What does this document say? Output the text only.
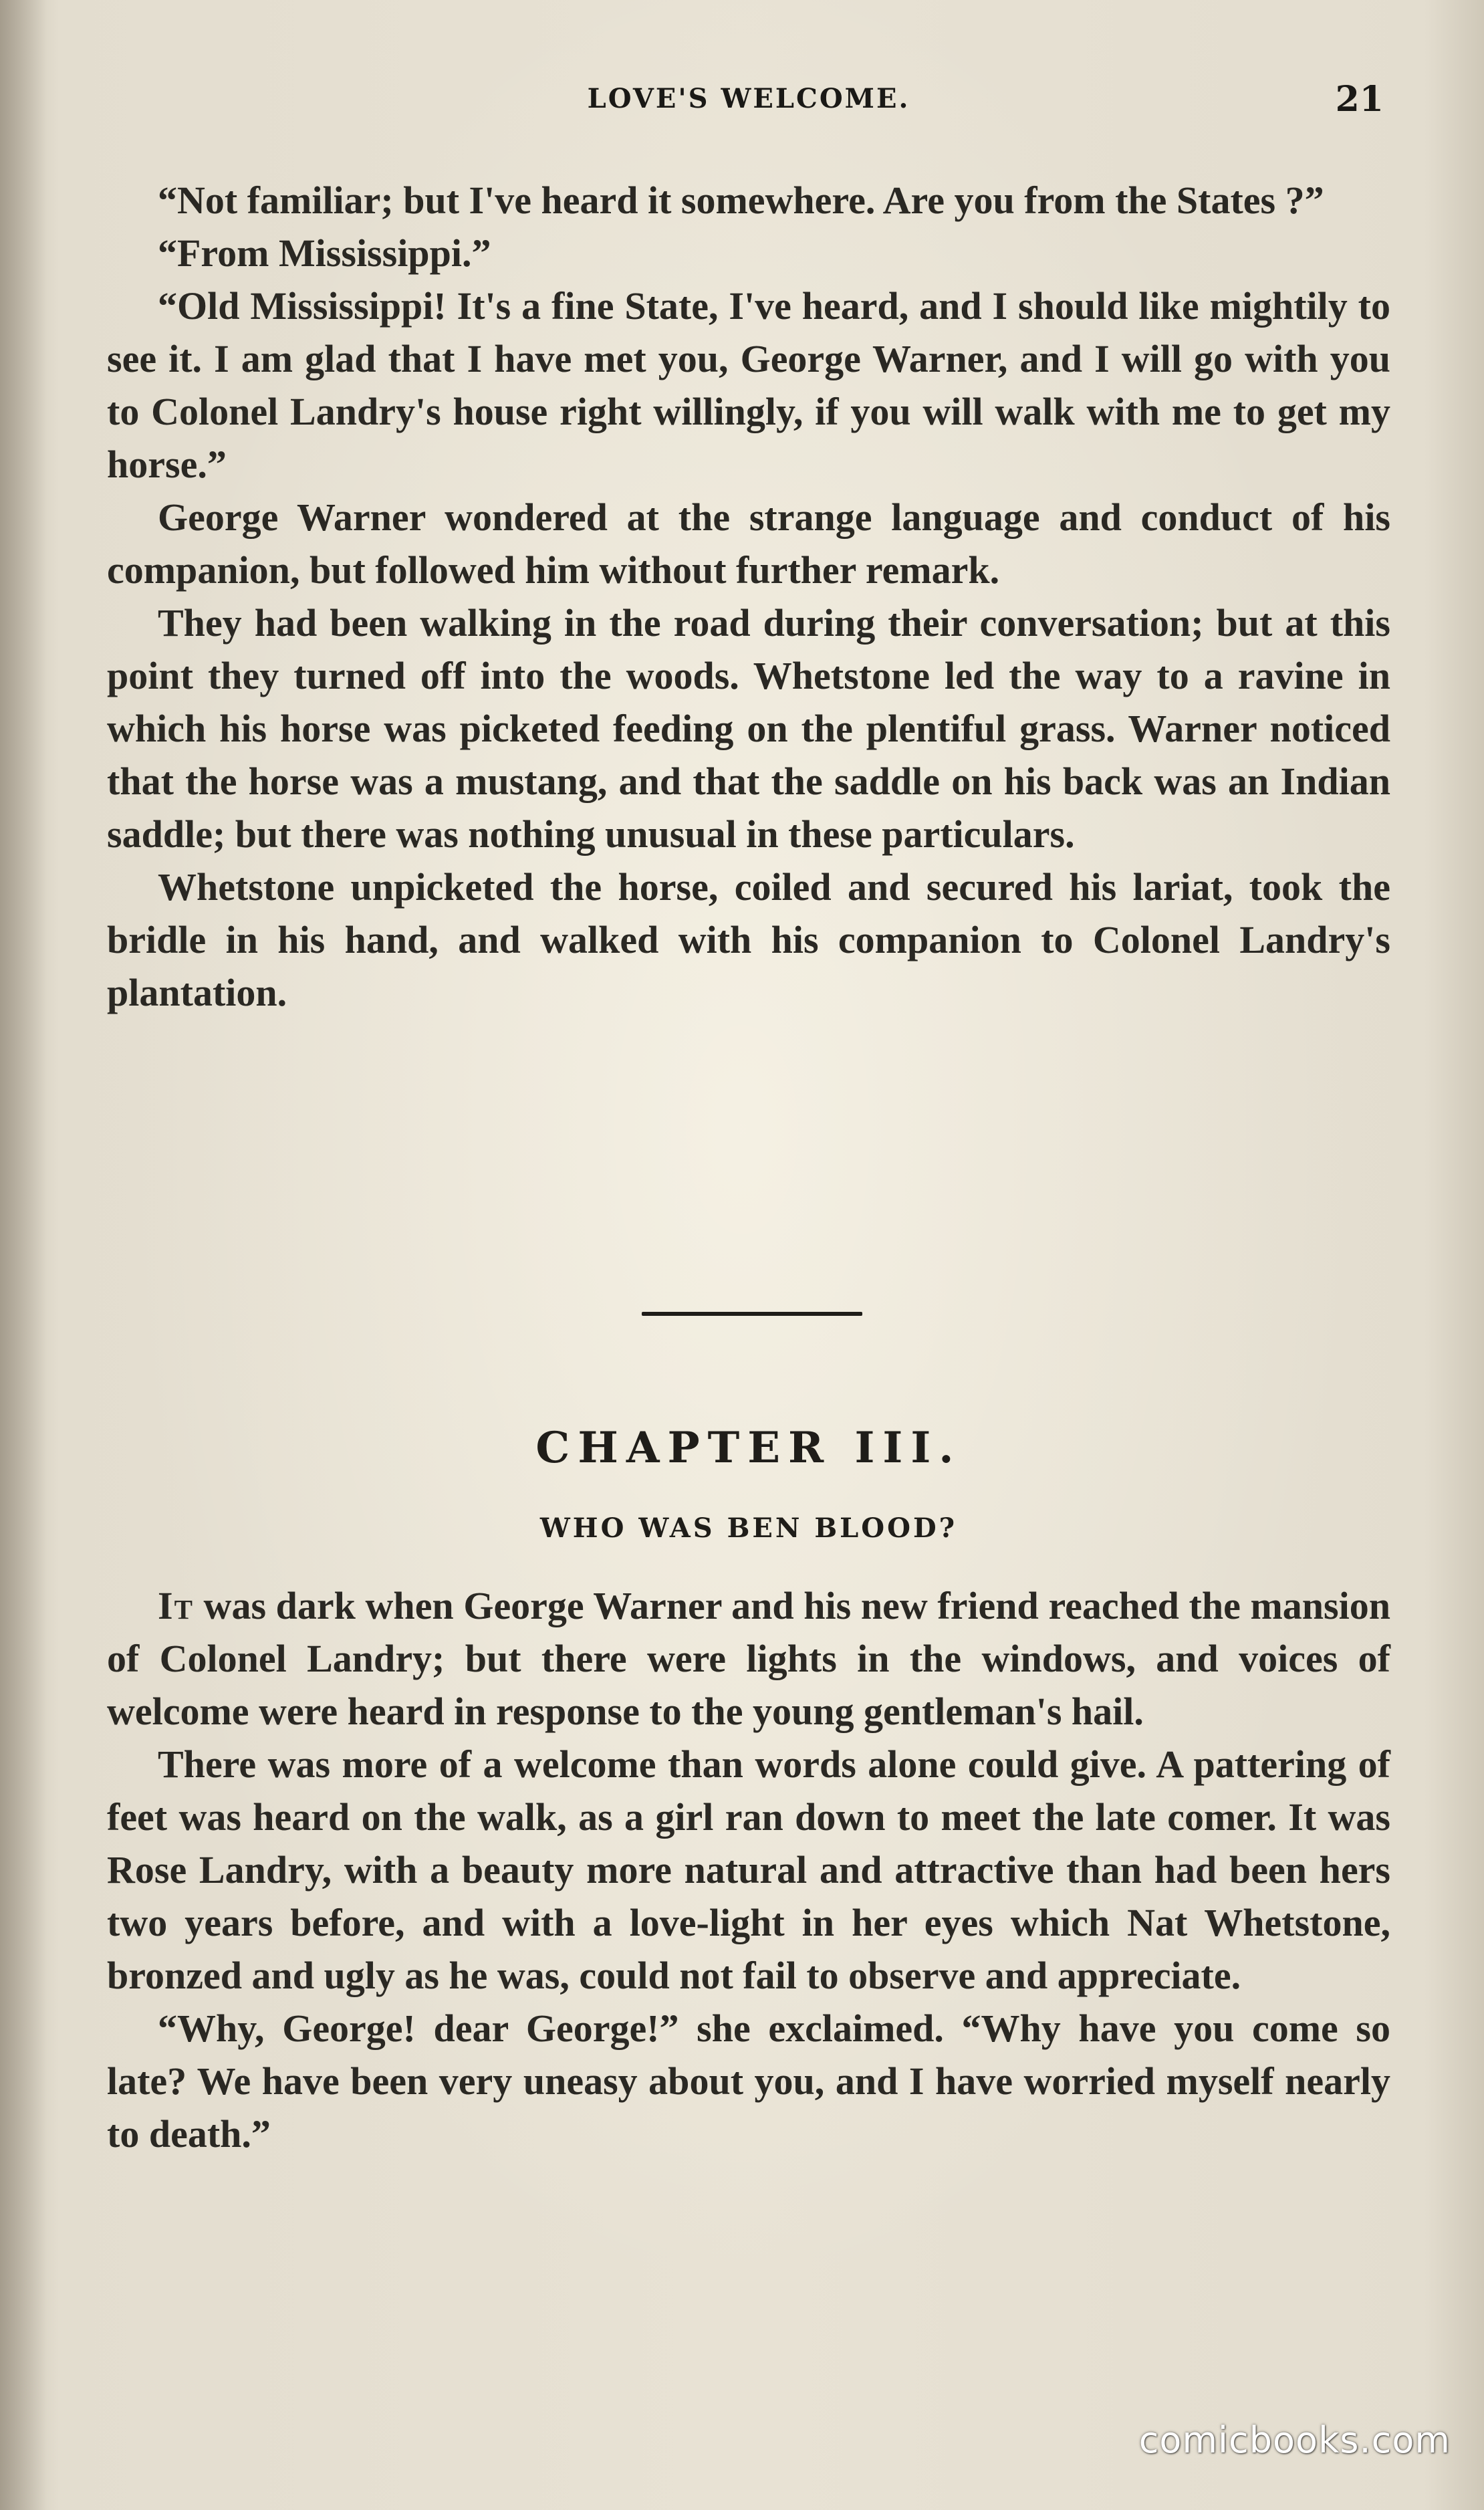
LOVE'S WELCOME.	21

“Not familiar; but I've heard it somewhere. Are you from the States ?”

“From Mississippi.”

“Old Mississippi! It's a fine State, I've heard, and I should like mightily to see it. I am glad that I have met you, George Warner, and I will go with you to Colonel Landry's house right willingly, if you will walk with me to get my horse.”

George Warner wondered at the strange language and conduct of his companion, but followed him without further remark.

They had been walking in the road during their conversation; but at this point they turned off into the woods. Whetstone led the way to a ravine in which his horse was picketed feeding on the plentiful grass. Warner noticed that the horse was a mustang, and that the saddle on his back was an Indian saddle; but there was nothing unusual in these particulars.

Whetstone unpicketed the horse, coiled and secured his lariat, took the bridle in his hand, and walked with his companion to Colonel Landry's plantation.

CHAPTER III.
WHO WAS BEN BLOOD?

It was dark when George Warner and his new friend reached the mansion of Colonel Landry; but there were lights in the windows, and voices of welcome were heard in response to the young gentleman's hail.

There was more of a welcome than words alone could give. A pattering of feet was heard on the walk, as a girl ran down to meet the late comer. It was Rose Landry, with a beauty more natural and attractive than had been hers two years before, and with a love-light in her eyes which Nat Whetstone, bronzed and ugly as he was, could not fail to observe and appreciate.

“Why, George! dear George!” she exclaimed. “Why have you come so late? We have been very uneasy about you, and I have worried myself nearly to death.”

comicbooks.com
